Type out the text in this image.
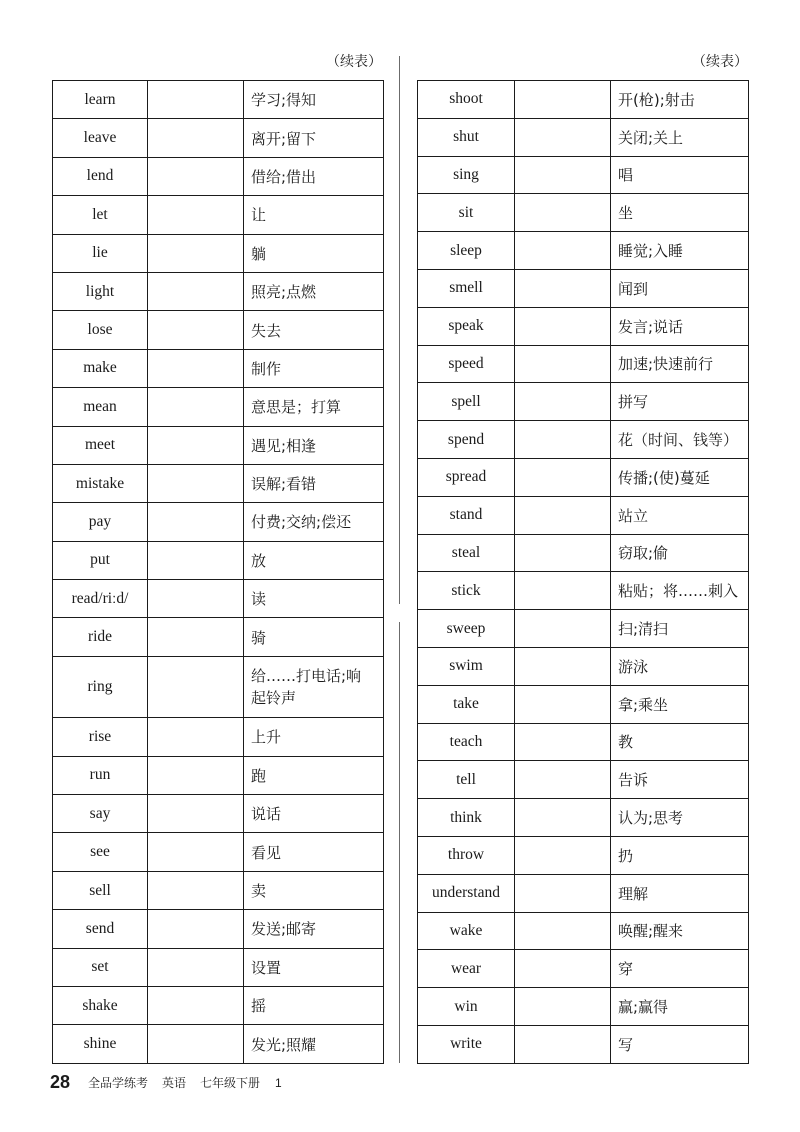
（续表）	（续表）
learn		学习;得知
leave		离开;留下
lend		借给;借出
let		让
lie		躺
light		照亮;点燃
lose		失去
make		制作
mean		意思是；打算
meet		遇见;相逢
mistake		误解;看错
pay		付费;交纳;偿还
put		放
read/riːd/		读
ride		骑
ring		给……打电话;响起铃声

rise		上升
run		跑
say		说话
see		看见
sell		卖
send		发送;邮寄
set		设置
shake		摇
shine		发光;照耀
shoot		开(枪);射击
shut		关闭;关上
sing		唱
sit		坐
sleep		睡觉;入睡
smell		闻到
speak		发言;说话
speed		加速;快速前行
spell		拼写
spend		花（时间、钱等）
spread		传播;(使)蔓延
stand		站立
steal		窃取;偷
stick		粘贴；将……刺入
sweep		扫;清扫
swim		游泳
take		拿;乘坐
teach		教
tell		告诉
think		认为;思考
throw		扔
understand		理解
wake		唤醒;醒来
wear		穿
win		赢;赢得
write		写
28 全品学练考 英语 七年级下册 1
